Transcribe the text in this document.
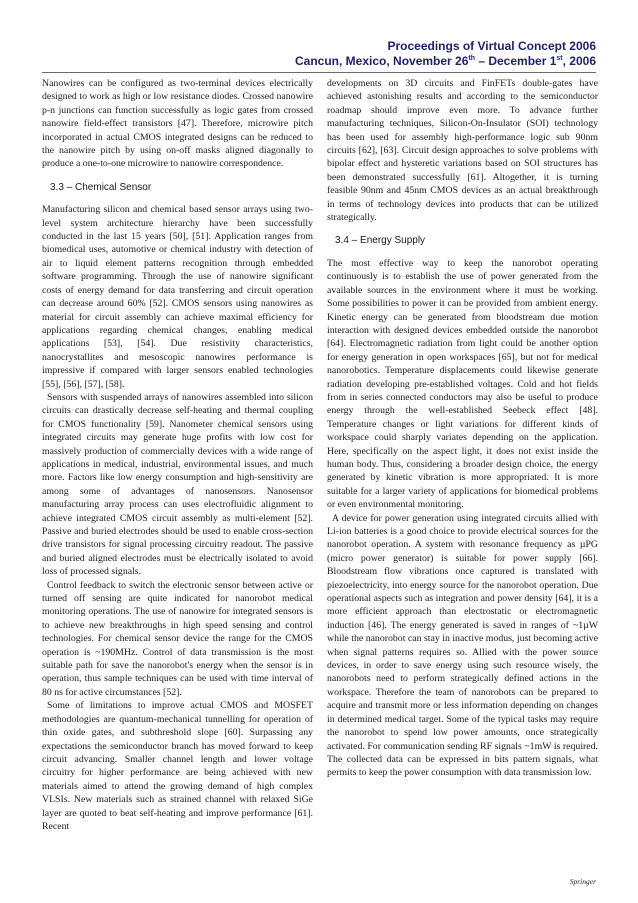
Proceedings of Virtual Concept 2006
Cancun, Mexico, November 26th – December 1st, 2006

Nanowires can be configured as two-terminal devices electrically designed to work as high or low resistance diodes. Crossed nanowire p-n junctions can function successfully as logic gates from crossed nanowire field-effect transistors [47]. Therefore, microwire pitch incorporated in actual CMOS integrated designs can be reduced to the nanowire pitch by using on-off masks aligned diagonally to produce a one-to-one microwire to nanowire correspondence.

3.3 – Chemical Sensor

Manufacturing silicon and chemical based sensor arrays using two-level system architecture hierarchy have been successfully conducted in the last 15 years [50], [51]. Application ranges from biomedical uses, automotive or chemical industry with detection of air to liquid element patterns recognition through embedded software programming. Through the use of nanowire significant costs of energy demand for data transferring and circuit operation can decrease around 60% [52]. CMOS sensors using nanowires as material for circuit assembly can achieve maximal efficiency for applications regarding chemical changes, enabling medical applications [53], [54]. Due resistivity characteristics, nanocrystallites and mesoscopic nanowires performance is impressive if compared with larger sensors enabled technologies [55], [56], [57], [58].

Sensors with suspended arrays of nanowires assembled into silicon circuits can drastically decrease self-heating and thermal coupling for CMOS functionality [59]. Nanometer chemical sensors using integrated circuits may generate huge profits with low cost for massively production of commercially devices with a wide range of applications in medical, industrial, environmental issues, and much more. Factors like low energy consumption and high-sensitivity are among some of advantages of nanosensors. Nanosensor manufacturing array process can uses electrofluidic alignment to achieve integrated CMOS circuit assembly as multi-element [52]. Passive and buried electrodes should be used to enable cross-section drive transistors for signal processing circuitry readout. The passive and buried aligned electrodes must be electrically isolated to avoid loss of processed signals.

Control feedback to switch the electronic sensor between active or turned off sensing are quite indicated for nanorobot medical monitoring operations. The use of nanowire for integrated sensors is to achieve new breakthroughs in high speed sensing and control technologies. For chemical sensor device the range for the CMOS operation is ~190MHz. Control of data transmission is the most suitable path for save the nanorobot's energy when the sensor is in operation, thus sample techniques can be used with time interval of 80 ns for active circumstances [52].

Some of limitations to improve actual CMOS and MOSFET methodologies are quantum-mechanical tunnelling for operation of thin oxide gates, and subthreshold slope [60]. Surpassing any expectations the semiconductor branch has moved forward to keep circuit advancing. Smaller channel length and lower voltage circuitry for higher performance are being achieved with new materials aimed to attend the growing demand of high complex VLSIs. New materials such as strained channel with relaxed SiGe layer are quoted to beat self-heating and improve performance [61]. Recent

developments on 3D circuits and FinFETs double-gates have achieved astonishing results and according to the semiconductor roadmap should improve even more. To advance further manufacturing techniques, Silicon-On-Insulator (SOI) technology has been used for assembly high-performance logic sub 90nm circuits [62], [63]. Circuit design approaches to solve problems with bipolar effect and hysteretic variations based on SOI structures has been demonstrated successfully [61]. Altogether, it is turning feasible 90nm and 45nm CMOS devices as an actual breakthrough in terms of technology devices into products that can be utilized strategically.

3.4 – Energy Supply

The most effective way to keep the nanorobot operating continuously is to establish the use of power generated from the available sources in the environment where it must be working. Some possibilities to power it can be provided from ambient energy. Kinetic energy can be generated from bloodstream due motion interaction with designed devices embedded outside the nanorobot [64]. Electromagnetic radiation from light could be another option for energy generation in open workspaces [65], but not for medical nanorobotics. Temperature displacements could likewise generate radiation developing pre-established voltages. Cold and hot fields from in series connected conductors may also be useful to produce energy through the well-established Seebeck effect [48]. Temperature changes or light variations for different kinds of workspace could sharply variates depending on the application. Here, specifically on the aspect light, it does not exist inside the human body. Thus, considering a broader design choice, the energy generated by kinetic vibration is more appropriated. It is more suitable for a larger variety of applications for biomedical problems or even environmental monitoring.

A device for power generation using integrated circuits allied with Li-ion batteries is a good choice to provide electrical sources for the nanorobot operation. A system with resonance frequency as µPG (micro power generator) is suitable for power supply [66]. Bloodstream flow vibrations once captured is translated with piezoelectricity, into energy source for the nanorobot operation. Due operational aspects such as integration and power density [64], it is a more efficient approach than electrostatic or electromagnetic induction [46]. The energy generated is saved in ranges of ~1µW while the nanorobot can stay in inactive modus, just becoming active when signal patterns requires so. Allied with the power source devices, in order to save energy using such resource wisely, the nanorobots need to perform strategically defined actions in the workspace. Therefore the team of nanorobots can be prepared to acquire and transmit more or less information depending on changes in determined medical target. Some of the typical tasks may require the nanorobot to spend low power amounts, once strategically activated. For communication sending RF signals ~1mW is required. The collected data can be expressed in bits pattern signals, what permits to keep the power consumption with data transmission low.

Springer
